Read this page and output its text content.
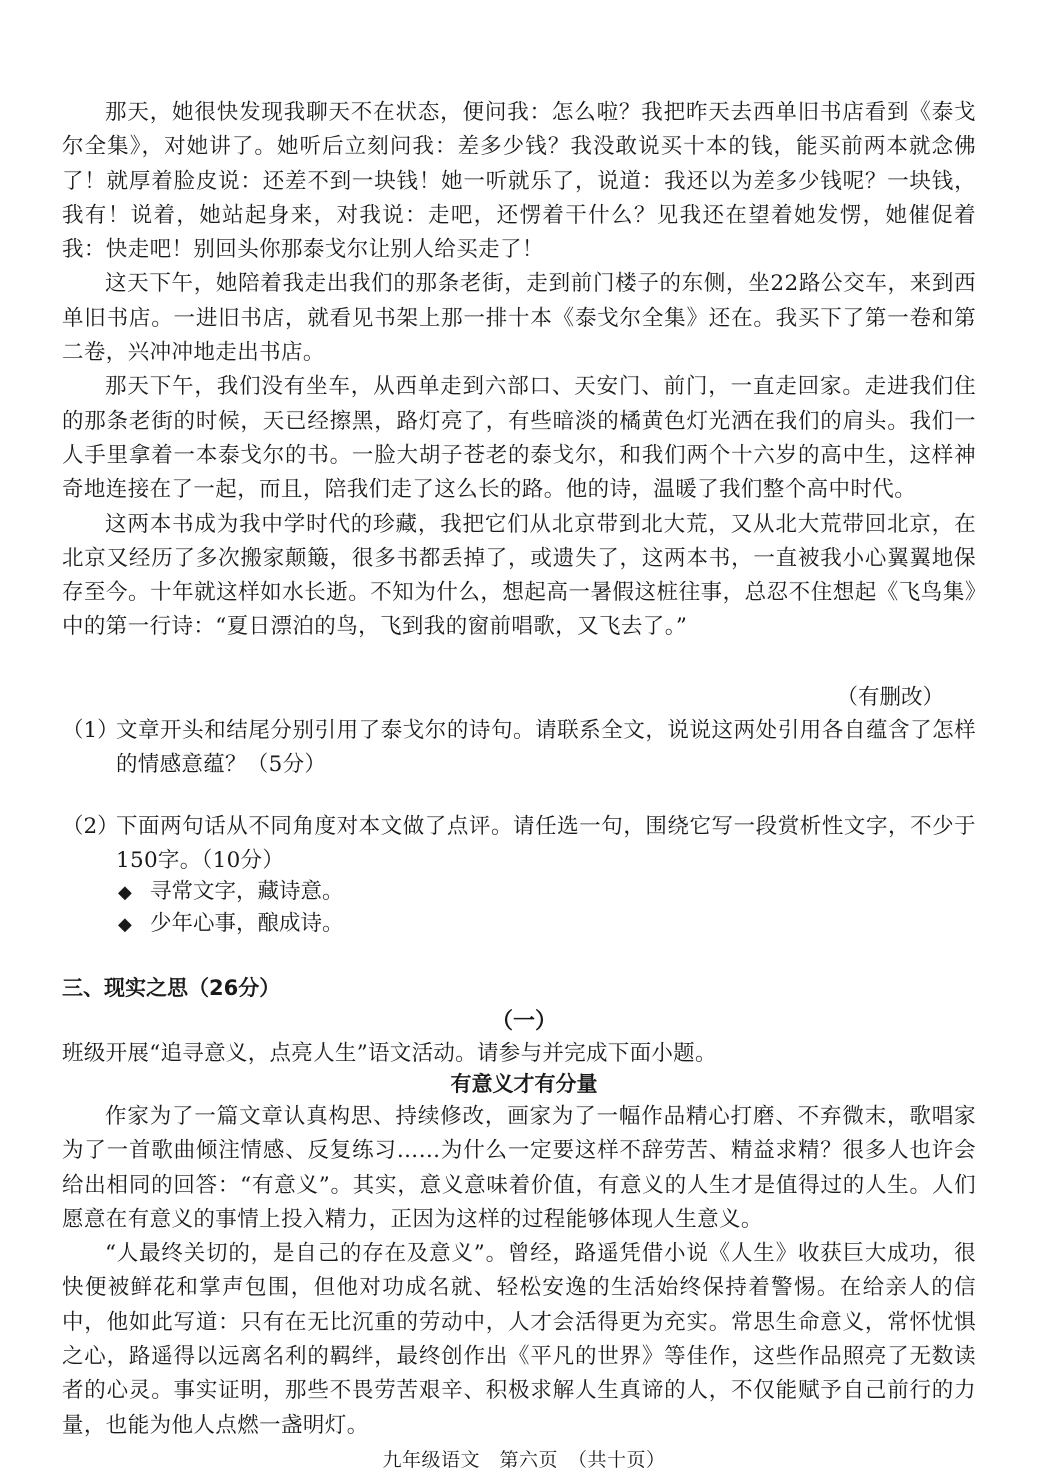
那天，她很快发现我聊天不在状态，便问我：怎么啦？我把昨天去西单旧书店看到《泰戈尔全集》，对她讲了。她听后立刻问我：差多少钱？我没敢说买十本的钱，能买前两本就念佛了！就厚着脸皮说：还差不到一块钱！她一听就乐了，说道：我还以为差多少钱呢？一块钱，我有！说着，她站起身来，对我说：走吧，还愣着干什么？见我还在望着她发愣，她催促着我：快走吧！别回头你那泰戈尔让别人给买走了！

这天下午，她陪着我走出我们的那条老街，走到前门楼子的东侧，坐22路公交车，来到西单旧书店。一进旧书店，就看见书架上那一排十本《泰戈尔全集》还在。我买下了第一卷和第二卷，兴冲冲地走出书店。

那天下午，我们没有坐车，从西单走到六部口、天安门、前门，一直走回家。走进我们住的那条老街的时候，天已经擦黑，路灯亮了，有些暗淡的橘黄色灯光洒在我们的肩头。我们一人手里拿着一本泰戈尔的书。一脸大胡子苍老的泰戈尔，和我们两个十六岁的高中生，这样神奇地连接在了一起，而且，陪我们走了这么长的路。他的诗，温暖了我们整个高中时代。

这两本书成为我中学时代的珍藏，我把它们从北京带到北大荒，又从北大荒带回北京，在北京又经历了多次搬家颠簸，很多书都丢掉了，或遗失了，这两本书，一直被我小心翼翼地保存至今。十年就这样如水长逝。不知为什么，想起高一暑假这桩往事，总忍不住想起《飞鸟集》中的第一行诗：“夏日漂泊的鸟，飞到我的窗前唱歌，又飞去了。”

（有删改）
（1）
文章开头和结尾分别引用了泰戈尔的诗句。请联系全文，说说这两处引用各自蕴含了怎样的情感意蕴？（5分）
（2）
下面两句话从不同角度对本文做了点评。请任选一句，围绕它写一段赏析性文字，不少于150字。（10分）
◆ 寻常文字，藏诗意。
◆ 少年心事，酿成诗。
三、现实之思（26分）
（一）
班级开展“追寻意义，点亮人生”语文活动。请参与并完成下面小题。
有意义才有分量

作家为了一篇文章认真构思、持续修改，画家为了一幅作品精心打磨、不弃微末，歌唱家为了一首歌曲倾注情感、反复练习……为什么一定要这样不辞劳苦、精益求精？很多人也许会给出相同的回答：“有意义”。其实，意义意味着价值，有意义的人生才是值得过的人生。人们愿意在有意义的事情上投入精力，正因为这样的过程能够体现人生意义。

“人最终关切的，是自己的存在及意义”。曾经，路遥凭借小说《人生》收获巨大成功，很快便被鲜花和掌声包围，但他对功成名就、轻松安逸的生活始终保持着警惕。在给亲人的信中，他如此写道：只有在无比沉重的劳动中，人才会活得更为充实。常思生命意义，常怀忧惧之心，路遥得以远离名利的羁绊，最终创作出《平凡的世界》等佳作，这些作品照亮了无数读者的心灵。事实证明，那些不畏劳苦艰辛、积极求解人生真谛的人，不仅能赋予自己前行的力量，也能为他人点燃一盏明灯。

九年级语文　第六页　（共十页）
